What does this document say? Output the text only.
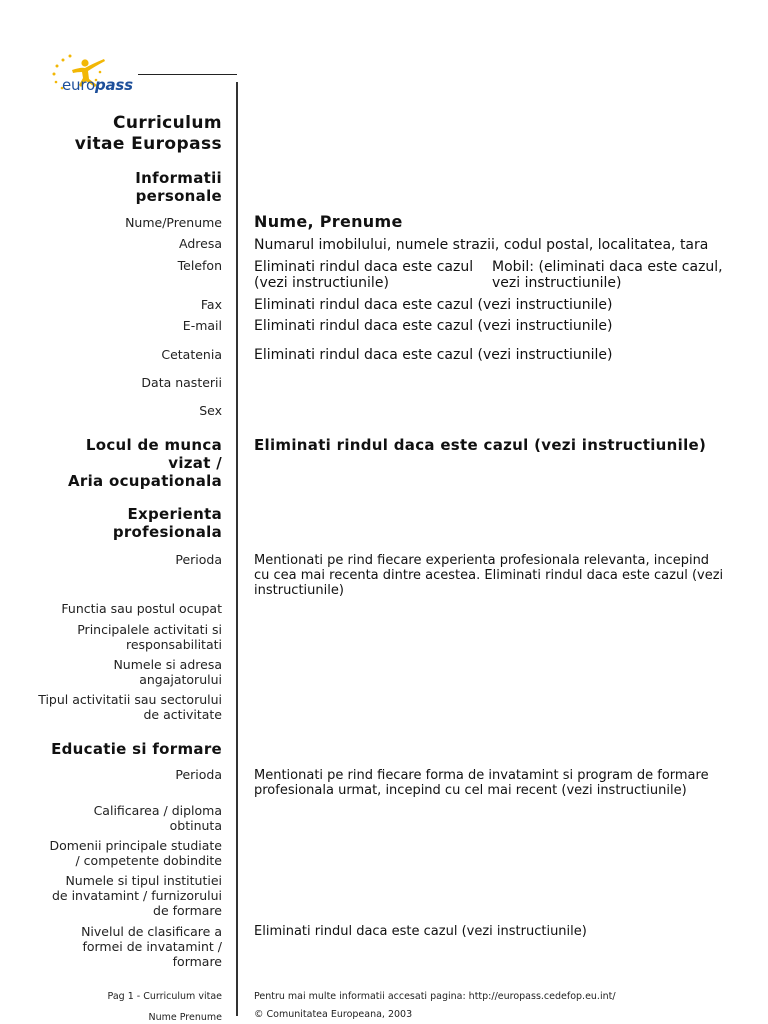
europass
Curriculum
vitae Europass
Informatii
personale
Nume/Prenume Nume, Prenume
Adresa Numarul imobilului, numele strazii, codul postal, localitatea, tara
Telefon Eliminati rindul daca este cazul
(vezi instructiunile)
Mobil: (eliminati daca este cazul,
vezi instructiunile)
Fax Eliminati rindul daca este cazul (vezi instructiunile)
E-mail Eliminati rindul daca este cazul (vezi instructiunile)
Cetatenia Eliminati rindul daca este cazul (vezi instructiunile)
Data nasterii
Sex
Locul de munca
vizat /
Aria ocupationala
Eliminati rindul daca este cazul (vezi instructiunile)
Experienta
profesionala
Perioda Mentionati pe rind fiecare experienta profesionala relevanta, incepind
cu cea mai recenta dintre acestea. Eliminati rindul daca este cazul (vezi
instructiunile)
Functia sau postul ocupat
Principalele activitati si
responsabilitati
Numele si adresa
angajatorului
Tipul activitatii sau sectorului
de activitate
Educatie si formare
Perioda Mentionati pe rind fiecare forma de invatamint si program de formare
profesionala urmat, incepind cu cel mai recent (vezi instructiunile)
Calificarea / diploma
obtinuta
Domenii principale studiate
/ competente dobindite
Numele si tipul institutiei
de invatamint / furnizorului
de formare
Nivelul de clasificare a
formei de invatamint /
formare
Eliminati rindul daca este cazul (vezi instructiunile)
Pag 1 - Curriculum vitae
Nume Prenume
Pentru mai multe informatii accesati pagina: http://europass.cedefop.eu.int/
© Comunitatea Europeana, 2003
